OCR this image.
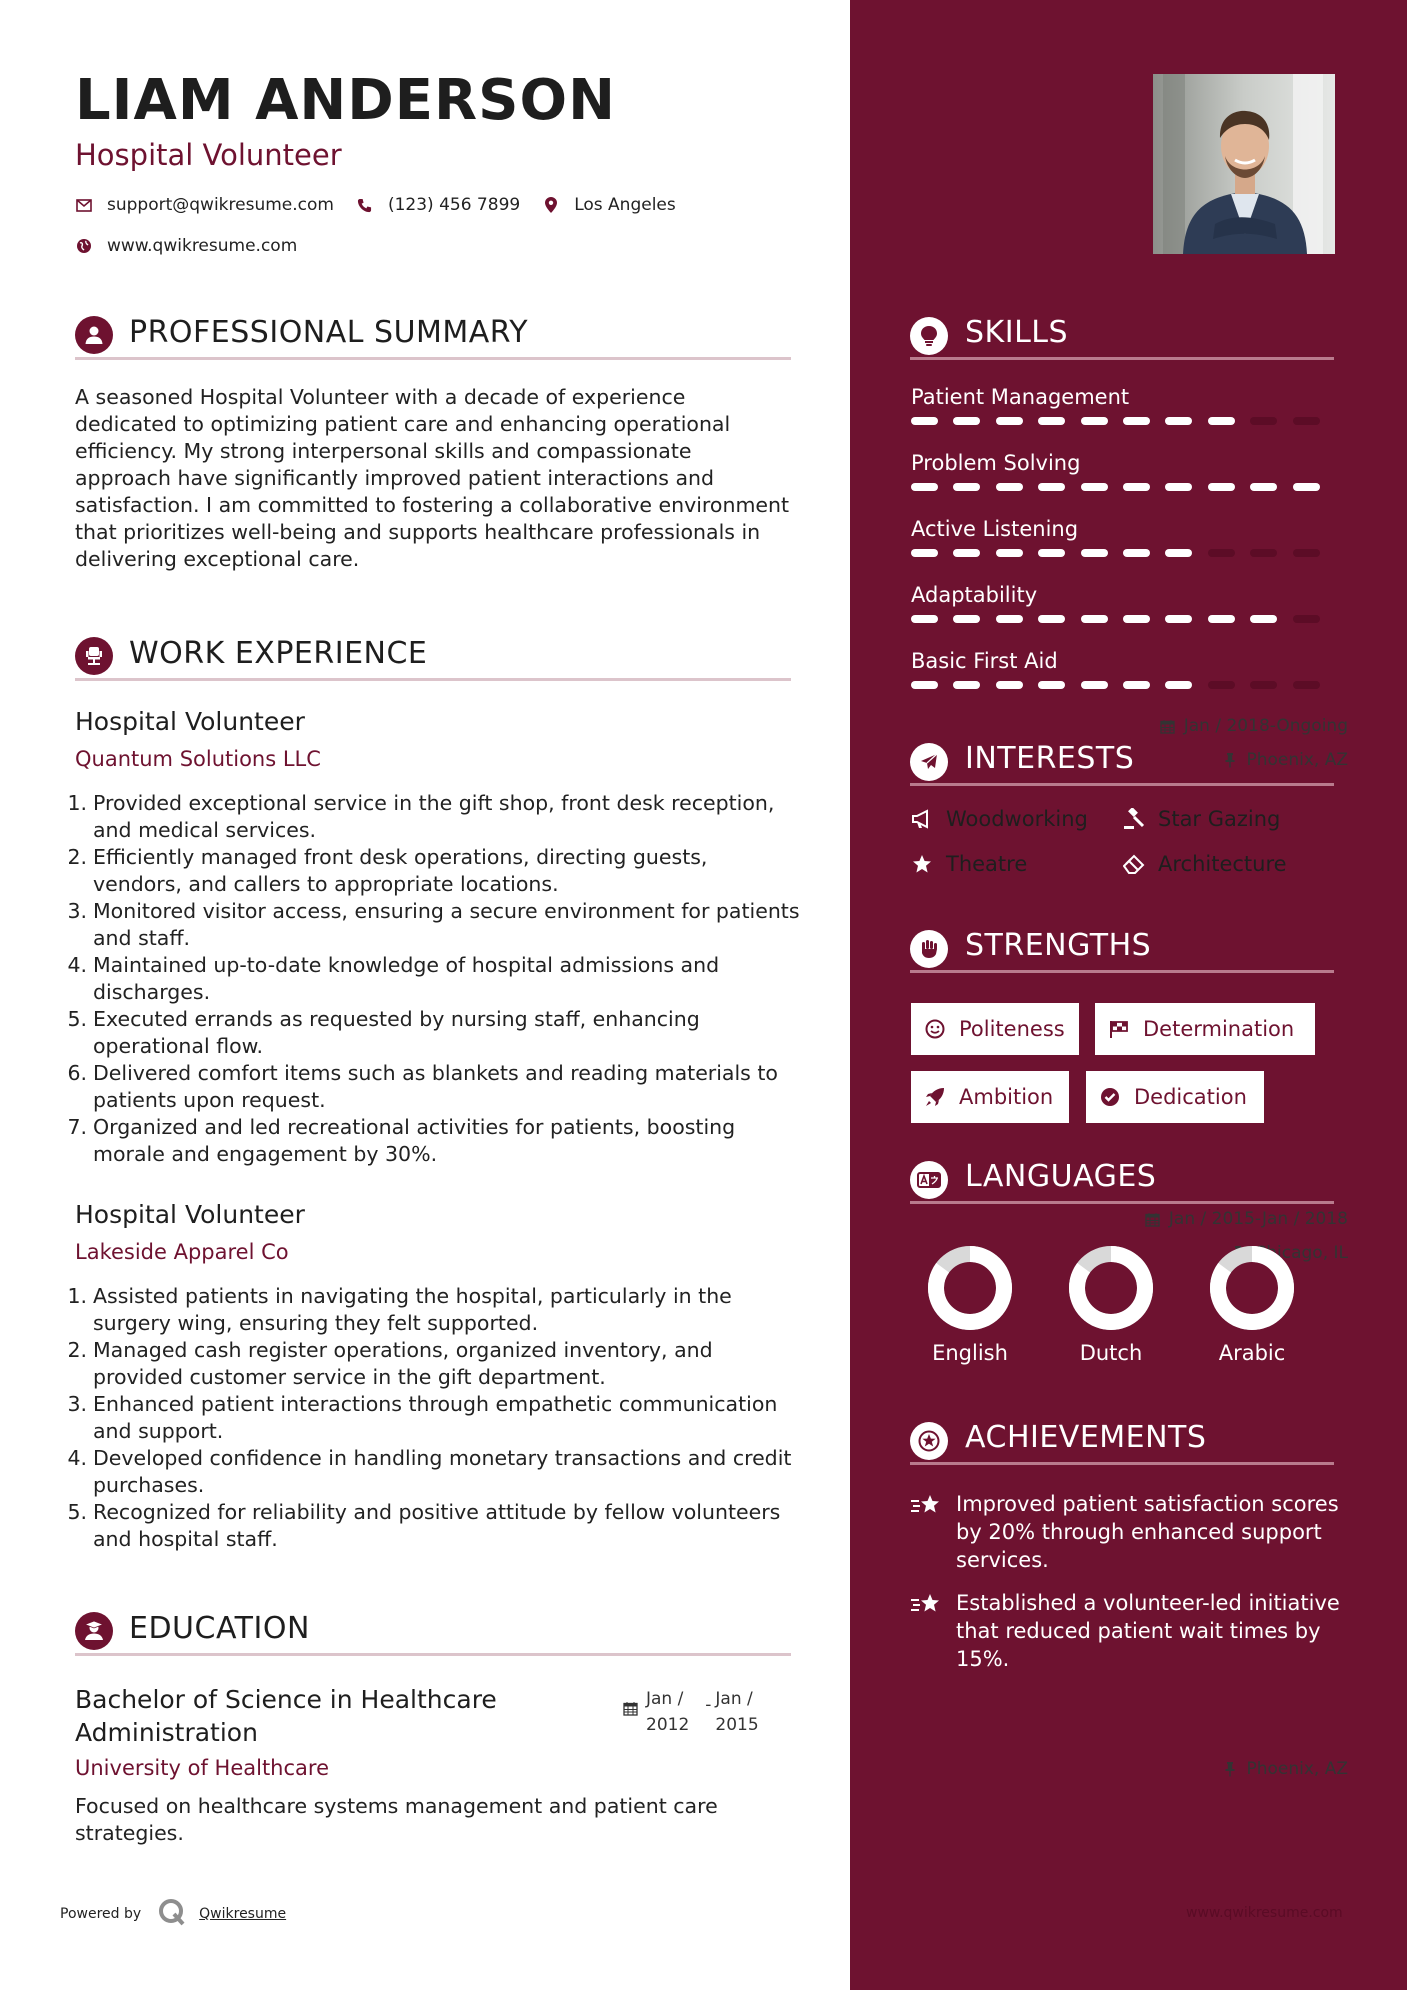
LIAM ANDERSON
Hospital Volunteer
support@qwikresume.com	(123) 456 7899	Los Angeles
www.qwikresume.com
PROFESSIONAL SUMMARY
A seasoned Hospital Volunteer with a decade of experience dedicated to optimizing patient care and enhancing operational efficiency. My strong interpersonal skills and compassionate approach have significantly improved patient interactions and satisfaction. I am committed to fostering a collaborative environment that prioritizes well-being and supports healthcare professionals in delivering exceptional care.
WORK EXPERIENCE
Hospital Volunteer	Jan / 2018-Ongoing
Quantum Solutions LLC	Phoenix, AZ
1. Provided exceptional service in the gift shop, front desk reception, and medical services.
2. Efficiently managed front desk operations, directing guests, vendors, and callers to appropriate locations.
3. Monitored visitor access, ensuring a secure environment for patients and staff.
4. Maintained up-to-date knowledge of hospital admissions and discharges.
5. Executed errands as requested by nursing staff, enhancing operational flow.
6. Delivered comfort items such as blankets and reading materials to patients upon request.
7. Organized and led recreational activities for patients, boosting morale and engagement by 30%.
Hospital Volunteer	Jan / 2015-Jan / 2018
Lakeside Apparel Co	Chicago, IL
1. Assisted patients in navigating the hospital, particularly in the surgery wing, ensuring they felt supported.
2. Managed cash register operations, organized inventory, and provided customer service in the gift department.
3. Enhanced patient interactions through empathetic communication and support.
4. Developed confidence in handling monetary transactions and credit purchases.
5. Recognized for reliability and positive attitude by fellow volunteers and hospital staff.
EDUCATION
Bachelor of Science in Healthcare Administration
Jan /
2012
- Jan /
2015
University of Healthcare	Phoenix, AZ
Focused on healthcare systems management and patient care strategies.
Powered by	Qwikresume
SKILLS
Patient Management
Problem Solving
Active Listening
Adaptability
Basic First Aid
INTERESTS
Woodworking	Star Gazing
Theatre	Architecture
STRENGTHS
Politeness	Determination
Ambition	Dedication
LANGUAGES
English	Dutch	Arabic
ACHIEVEMENTS
Improved patient satisfaction scores by 20% through enhanced support services.
Established a volunteer-led initiative that reduced patient wait times by 15%.
www.qwikresume.com
